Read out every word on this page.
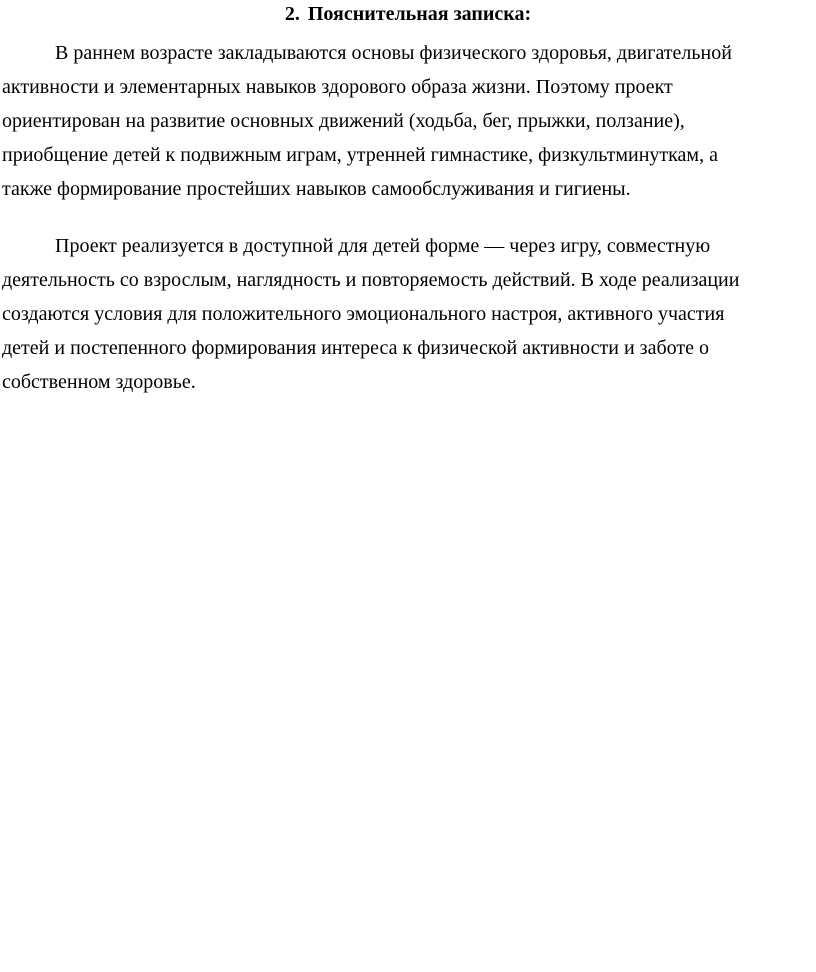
2. Пояснительная записка:
В раннем возрасте закладываются основы физического здоровья, двигательной
активности и элементарных навыков здорового образа жизни. Поэтому проект
ориентирован на развитие основных движений (ходьба, бег, прыжки, ползание),
приобщение детей к подвижным играм, утренней гимнастике, физкультминуткам, а
также формирование простейших навыков самообслуживания и гигиены.
Проект реализуется в доступной для детей форме — через игру, совместную
деятельность со взрослым, наглядность и повторяемость действий. В ходе реализации
создаются условия для положительного эмоционального настроя, активного участия
детей и постепенного формирования интереса к физической активности и заботе о
собственном здоровье.
